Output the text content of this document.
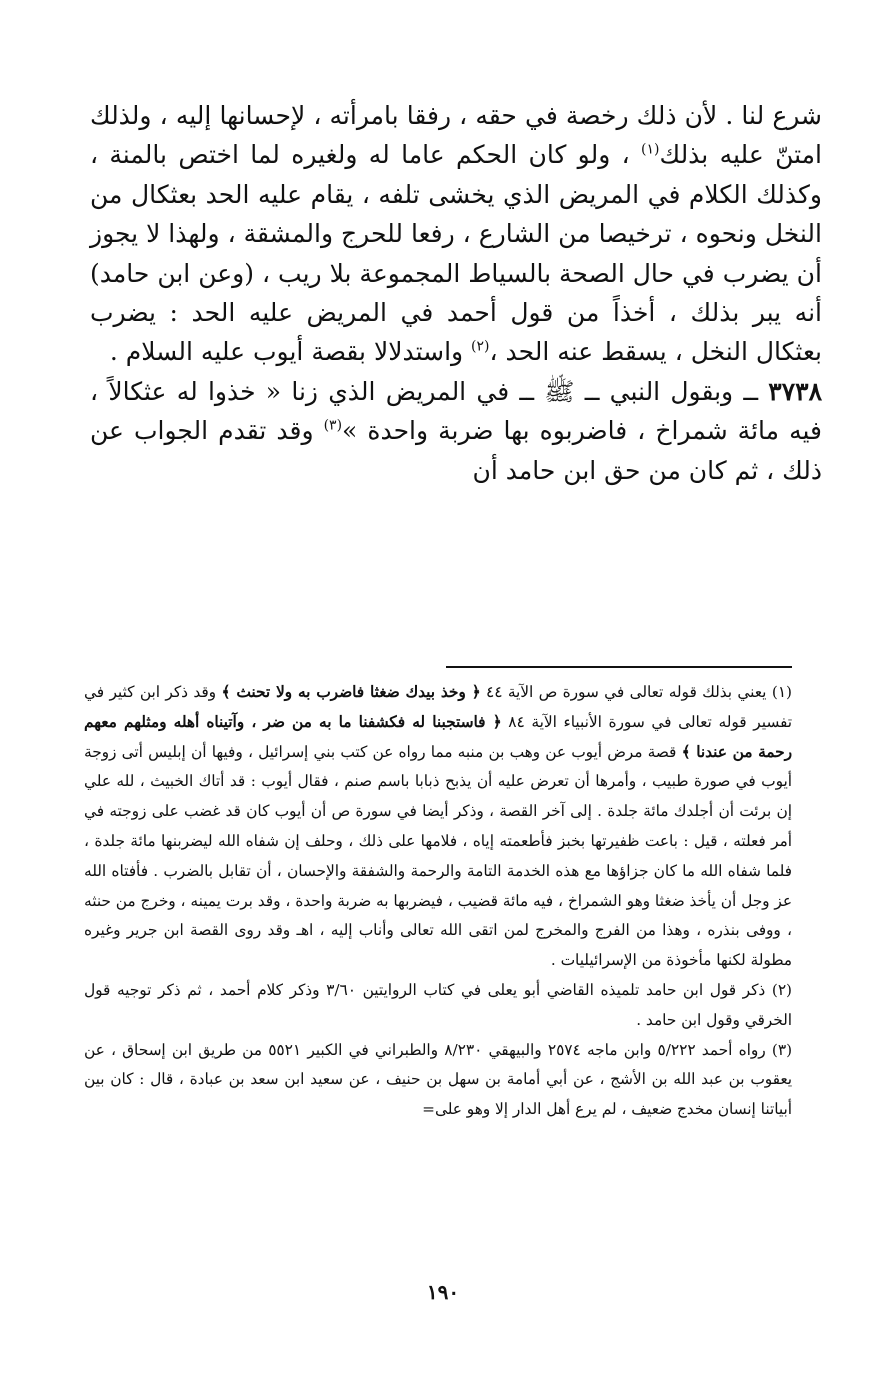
شرع لنا . لأن ذلك رخصة في حقه ، رفقا بامرأته ، لإحسانها إليه ، ولذلك امتنّ عليه بذلك$^{(١)}$ ، ولو كان الحكم عاما له ولغيره لما اختص بالمنة ، وكذلك الكلام في المريض الذي يخشى تلفه ، يقام عليه الحد بعثكال من النخل ونحوه ، ترخيصا من الشارع ، رفعا للحرج والمشقة ، ولهذا لا يجوز أن يضرب في حال الصحة بالسياط المجموعة بلا ريب ، (وعن ابن حامد) أنه يبر بذلك ، أخذاً من قول أحمد في المريض عليه الحد : يضرب بعثكال النخل ، يسقط عنه الحد ،$^{(٢)}$ واستدلالا بقصة أيوب عليه السلام .

٣٧٣٨ ــ وبقول النبي ــ ﷺ ــ في المريض الذي زنا « خذوا له عثكالاً ، فيه مائة شمراخ ، فاضربوه بها ضربة واحدة »$^{(٣)}$ وقد تقدم الجواب عن ذلك ، ثم كان من حق ابن حامد أن

(١) يعني بذلك قوله تعالى في سورة ص الآية ٤٤ ﴿ وخذ بيدك ضغثا فاضرب به ولا تحنث ﴾ وقد ذكر ابن كثير في تفسير قوله تعالى في سورة الأنبياء الآية ٨٤ ﴿ فاستجبنا له فكشفنا ما به من ضر ، وآتيناه أهله ومثلهم معهم رحمة من عندنا ﴾ قصة مرض أيوب عن وهب بن منبه مما رواه عن كتب بني إسرائيل ، وفيها أن إبليس أتى زوجة أيوب في صورة طبيب ، وأمرها أن تعرض عليه أن يذبح ذبابا باسم صنم ، فقال أيوب : قد أتاك الخبيث ، لله علي إن برئت أن أجلدك مائة جلدة . إلى آخر القصة ، وذكر أيضا في سورة ص أن أيوب كان قد غضب على زوجته في أمر فعلته ، قيل : باعت ظفيرتها بخبز فأطعمته إياه ، فلامها على ذلك ، وحلف إن شفاه الله ليضربنها مائة جلدة ، فلما شفاه الله ما كان جزاؤها مع هذه الخدمة التامة والرحمة والشفقة والإحسان ، أن تقابل بالضرب . فأفتاه الله عز وجل أن يأخذ ضغثا وهو الشمراخ ، فيه مائة قضيب ، فيضربها به ضربة واحدة ، وقد برت يمينه ، وخرج من حنثه ، ووفى بنذره ، وهذا من الفرج والمخرج لمن اتقى الله تعالى وأناب إليه ، اهـ وقد روى القصة ابن جرير وغيره مطولة لكنها مأخوذة من الإسرائيليات .

(٢) ذكر قول ابن حامد تلميذه القاضي أبو يعلى في كتاب الروايتين ٣/٦٠ وذكر كلام أحمد ، ثم ذكر توجيه قول الخرقي وقول ابن حامد .

(٣) رواه أحمد ٥/٢٢٢ وابن ماجه ٢٥٧٤ والبيهقي ٨/٢٣٠ والطبراني في الكبير ٥٥٢١ من طريق ابن إسحاق ، عن يعقوب بن عبد الله بن الأشج ، عن أبي أمامة بن سهل بن حنيف ، عن سعيد ابن سعد بن عبادة ، قال : كان بين أبياتنا إنسان مخدج ضعيف ، لم يرع أهل الدار إلا وهو على=

١٩٠
